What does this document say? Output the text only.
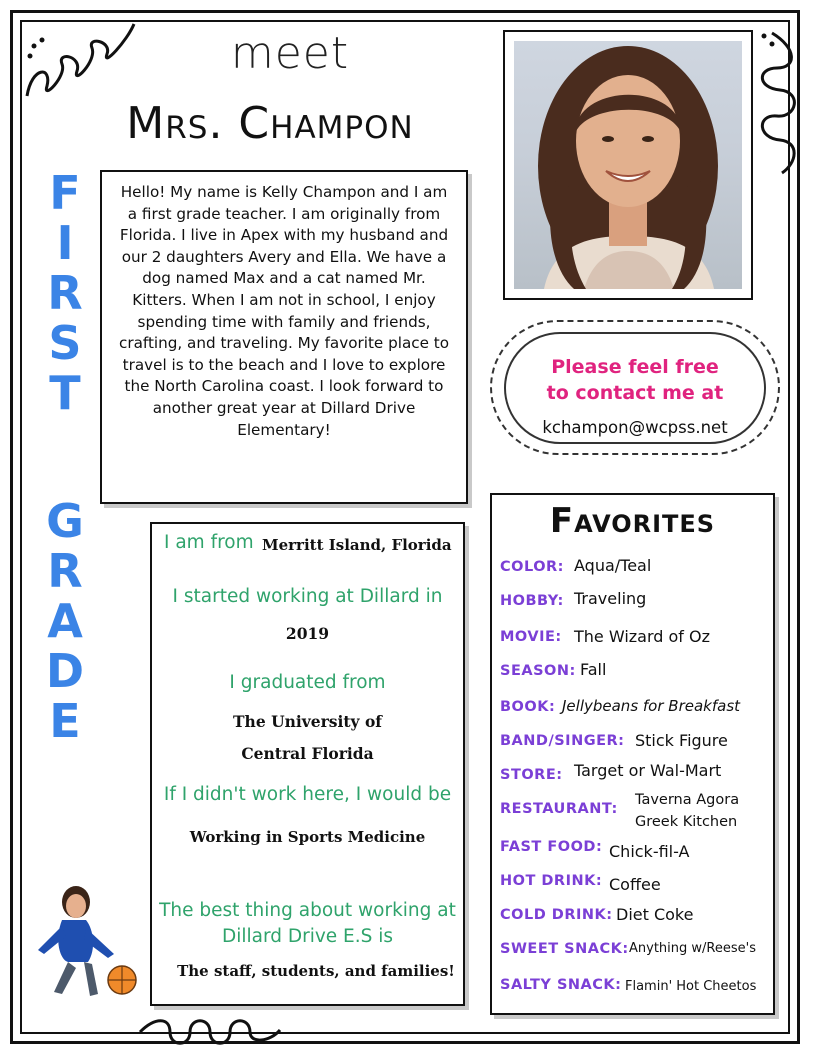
meet
Mrs. Champon
F
I
R
S
T
G
R
A
D
E
Hello! My name is Kelly Champon and I am a first grade teacher. I am originally from Florida. I live in Apex with my husband and our 2 daughters Avery and Ella. We have a dog named Max and a cat named Mr. Kitters. When I am not in school, I enjoy spending time with family and friends, crafting, and traveling. My favorite place to travel is to the beach and I love to explore the North Carolina coast. I look forward to another great year at Dillard Drive Elementary!
Please feel free
to contact me at
kchampon@wcpss.net
I am from Merritt Island, Florida
I started working at Dillard in
2019
I graduated from
The University of
Central Florida
If I didn't work here, I would be
Working in Sports Medicine
The best thing about working at
Dillard Drive E.S is
The staff, students, and families!
Favorites
COLOR: Aqua/Teal
HOBBY: Traveling
MOVIE: The Wizard of Oz
SEASON: Fall
BOOK: Jellybeans for Breakfast
BAND/SINGER: Stick Figure
STORE: Target or Wal-Mart
RESTAURANT:
Taverna Agora
Greek Kitchen
FAST FOOD: Chick-fil-A
HOT DRINK: Coffee
COLD DRINK: Diet Coke
SWEET SNACK: Anything w/Reese's
SALTY SNACK: Flamin' Hot Cheetos
